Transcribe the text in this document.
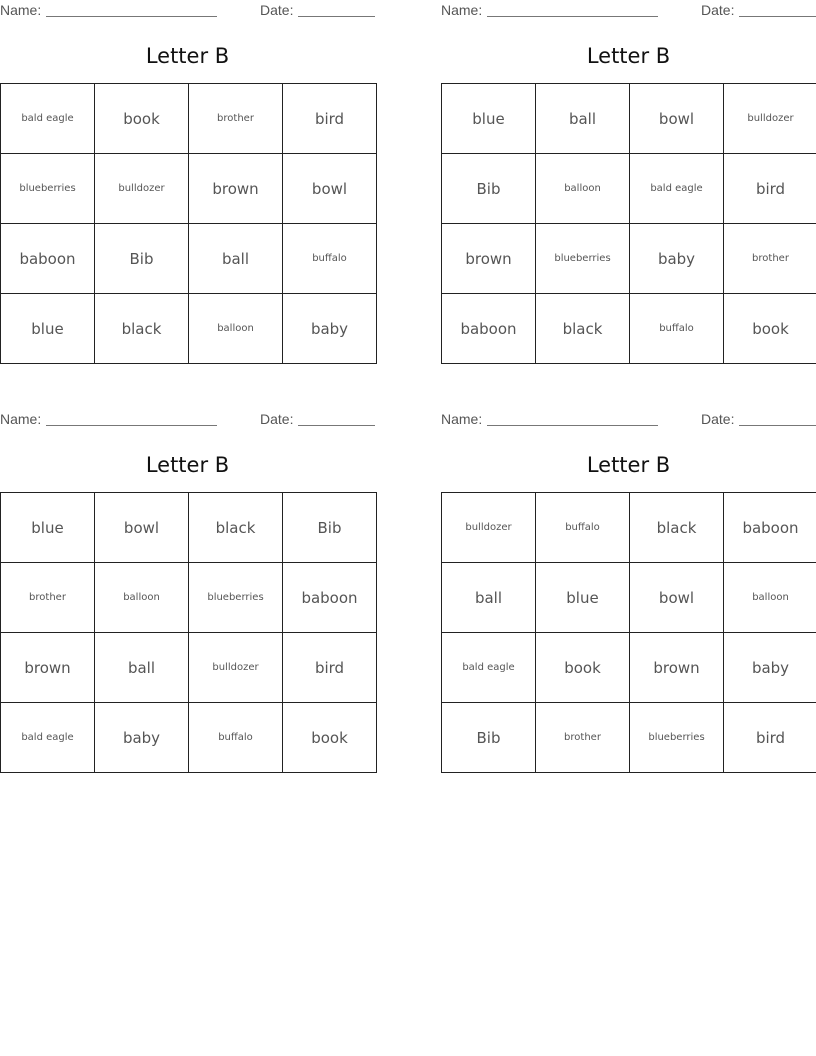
Name:	Date:
Letter B
bald eagle	book	brother	bird
blueberries	bulldozer	brown	bowl
baboon	Bib	ball	buffalo
blue	black	balloon	baby
Name:	Date:
Letter B
blue	ball	bowl	bulldozer
Bib	balloon	bald eagle	bird
brown	blueberries	baby	brother
baboon	black	buffalo	book
Name:	Date:
Letter B
blue	bowl	black	Bib
brother	balloon	blueberries	baboon
brown	ball	bulldozer	bird
bald eagle	baby	buffalo	book
Name:	Date:
Letter B
bulldozer	buffalo	black	baboon
ball	blue	bowl	balloon
bald eagle	book	brown	baby
Bib	brother	blueberries	bird
